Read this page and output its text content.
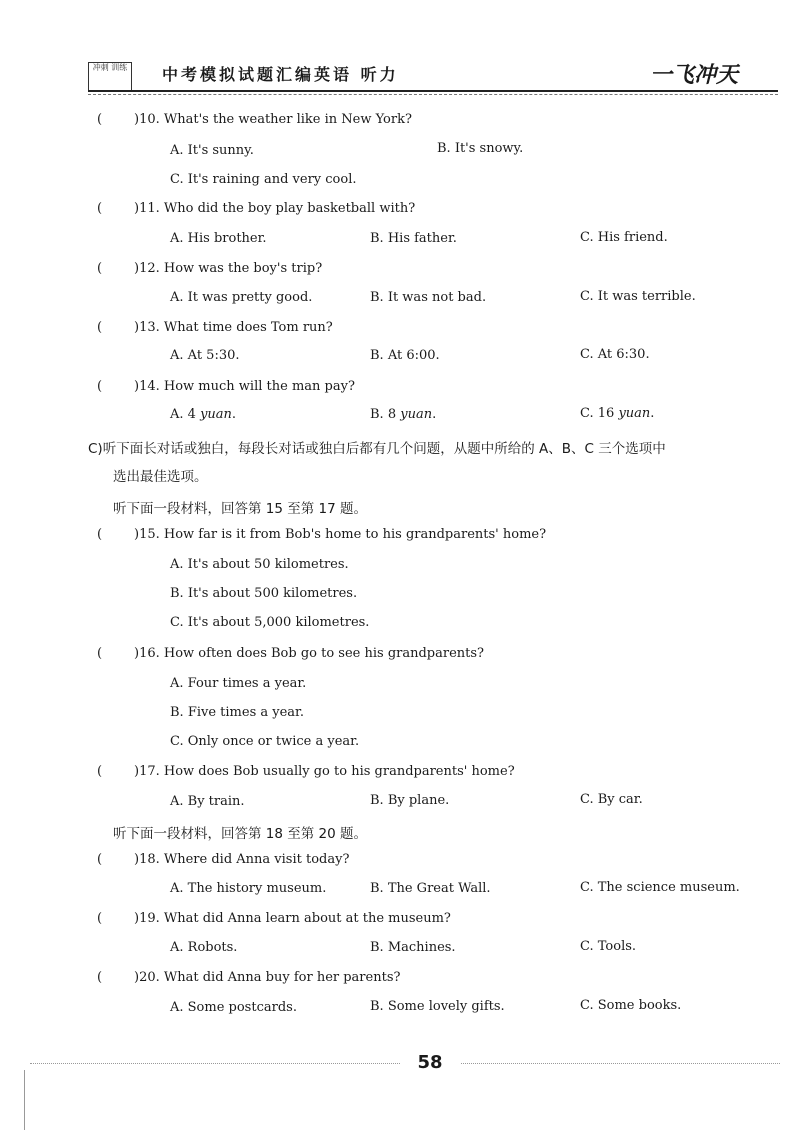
冲刺 训练 中考模拟试题汇编英语 听力	一飞冲天
(	)10. What's the weather like in New York?
A. It's sunny.	B. It's snowy.
C. It's raining and very cool.
(	)11. Who did the boy play basketball with?
A. His brother.	B. His father.	C. His friend.
(	)12. How was the boy's trip?
A. It was pretty good.	B. It was not bad.	C. It was terrible.
(	)13. What time does Tom run?
A. At 5:30.	B. At 6:00.	C. At 6:30.
(	)14. How much will the man pay?
A. 4 yuan.	B. 8 yuan.	C. 16 yuan.
C)听下面长对话或独白，每段长对话或独白后都有几个问题，从题中所给的 A、B、C 三个选项中
选出最佳选项。
听下面一段材料，回答第 15 至第 17 题。
(	)15. How far is it from Bob's home to his grandparents' home?
A. It's about 50 kilometres.
B. It's about 500 kilometres.
C. It's about 5,000 kilometres.
(	)16. How often does Bob go to see his grandparents?
A. Four times a year.
B. Five times a year.
C. Only once or twice a year.
(	)17. How does Bob usually go to his grandparents' home?
A. By train.	B. By plane.	C. By car.
听下面一段材料，回答第 18 至第 20 题。
(	)18. Where did Anna visit today?
A. The history museum.	B. The Great Wall.	C. The science museum.
(	)19. What did Anna learn about at the museum?
A. Robots.	B. Machines.	C. Tools.
(	)20. What did Anna buy for her parents?
A. Some postcards.	B. Some lovely gifts.	C. Some books.
58
